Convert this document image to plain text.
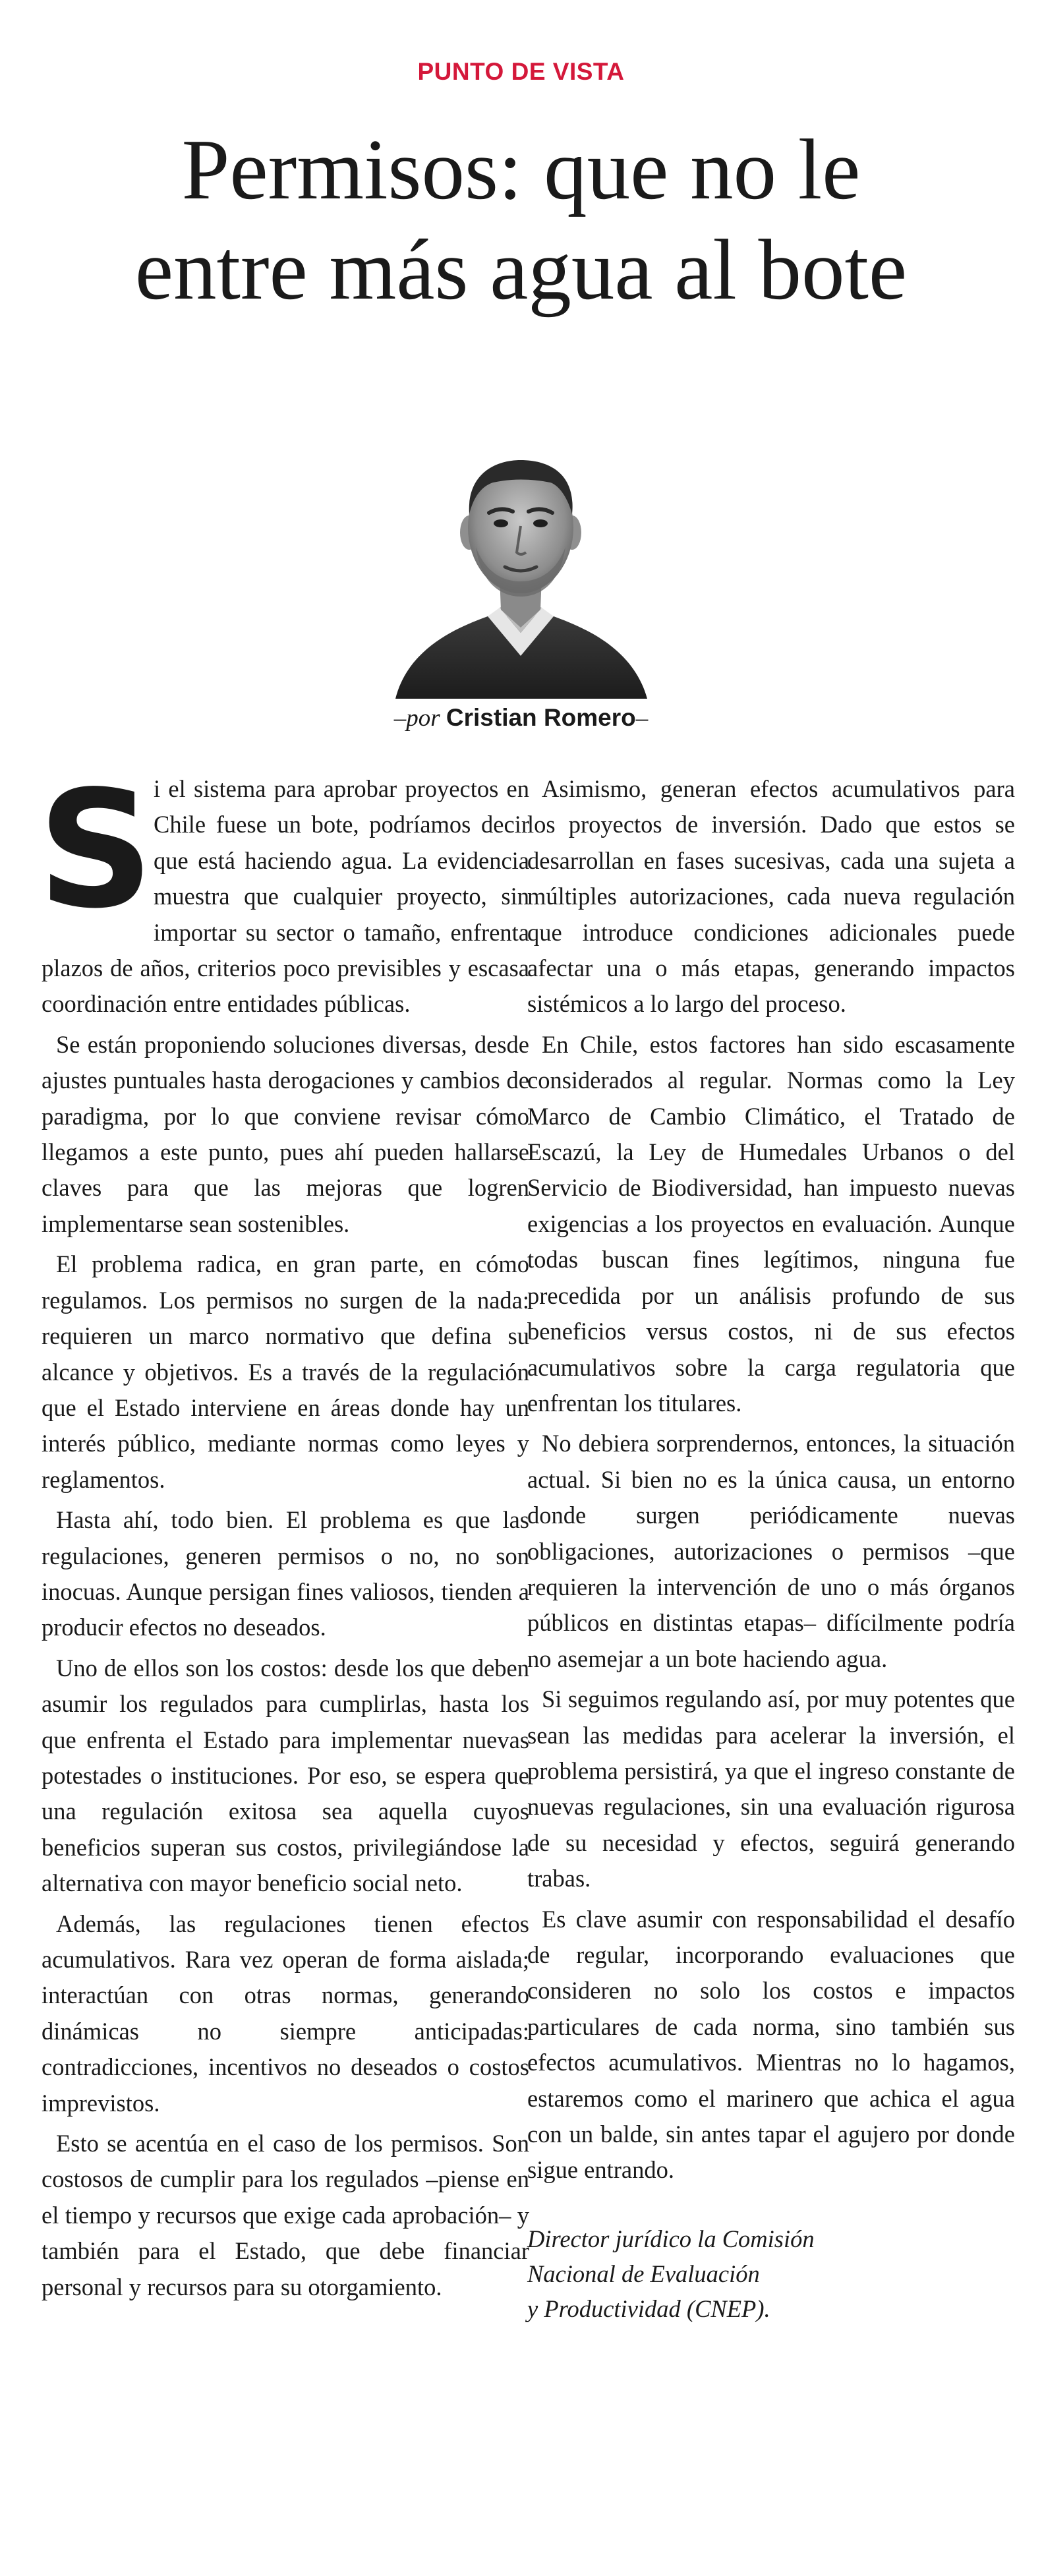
PUNTO DE VISTA
Permisos: que no le
entre más agua al bote
–por Cristian Romero–

Si el sistema para aprobar proyectos en Chile fuese un bote, podríamos decir que está haciendo agua. La evidencia muestra que cualquier proyecto, sin importar su sector o tamaño, enfrenta plazos de años, criterios poco previsibles y escasa coordinación entre entidades públicas.

Se están proponiendo soluciones diversas, desde ajustes puntuales hasta derogaciones y cambios de paradigma, por lo que conviene revisar cómo llegamos a este punto, pues ahí pueden hallarse claves para que las mejoras que logren implementarse sean sostenibles.

El problema radica, en gran parte, en cómo regulamos. Los permisos no surgen de la nada: requieren un marco normativo que defina su alcance y objetivos. Es a través de la regulación que el Estado interviene en áreas donde hay un interés público, mediante normas como leyes y reglamentos.

Hasta ahí, todo bien. El problema es que las regulaciones, generen permisos o no, no son inocuas. Aunque persigan fines valiosos, tienden a producir efectos no deseados.

Uno de ellos son los costos: desde los que deben asumir los regulados para cumplirlas, hasta los que enfrenta el Estado para implementar nuevas potestades o instituciones. Por eso, se espera que una regulación exitosa sea aquella cuyos beneficios superan sus costos, privilegiándose la alternativa con mayor beneficio social neto.

Además, las regulaciones tienen efectos acumulativos. Rara vez operan de forma aislada; interactúan con otras normas, generando dinámicas no siempre anticipadas: contradicciones, incentivos no deseados o costos imprevistos.

Esto se acentúa en el caso de los permisos. Son costosos de cumplir para los regulados –piense en el tiempo y recursos que exige cada aprobación– y también para el Estado, que debe financiar personal y recursos para su otorgamiento.

Asimismo, generan efectos acumulativos para los proyectos de inversión. Dado que estos se desarrollan en fases sucesivas, cada una sujeta a múltiples autorizaciones, cada nueva regulación que introduce condiciones adicionales puede afectar una o más etapas, generando impactos sistémicos a lo largo del proceso.

En Chile, estos factores han sido escasamente considerados al regular. Normas como la Ley Marco de Cambio Climático, el Tratado de Escazú, la Ley de Humedales Urbanos o del Servicio de Biodiversidad, han impuesto nuevas exigencias a los proyectos en evaluación. Aunque todas buscan fines legítimos, ninguna fue precedida por un análisis profundo de sus beneficios versus costos, ni de sus efectos acumulativos sobre la carga regulatoria que enfrentan los titulares.

No debiera sorprendernos, entonces, la situación actual. Si bien no es la única causa, un entorno donde surgen periódicamente nuevas obligaciones, autorizaciones o permisos –que requieren la intervención de uno o más órganos públicos en distintas etapas– difícilmente podría no asemejar a un bote haciendo agua.

Si seguimos regulando así, por muy potentes que sean las medidas para acelerar la inversión, el problema persistirá, ya que el ingreso constante de nuevas regulaciones, sin una evaluación rigurosa de su necesidad y efectos, seguirá generando trabas.

Es clave asumir con responsabilidad el desafío de regular, incorporando evaluaciones que consideren no solo los costos e impactos particulares de cada norma, sino también sus efectos acumulativos. Mientras no lo hagamos, estaremos como el marinero que achica el agua con un balde, sin antes tapar el agujero por donde sigue entrando.

Director jurídico la Comisión
Nacional de Evaluación
y Productividad (CNEP).
